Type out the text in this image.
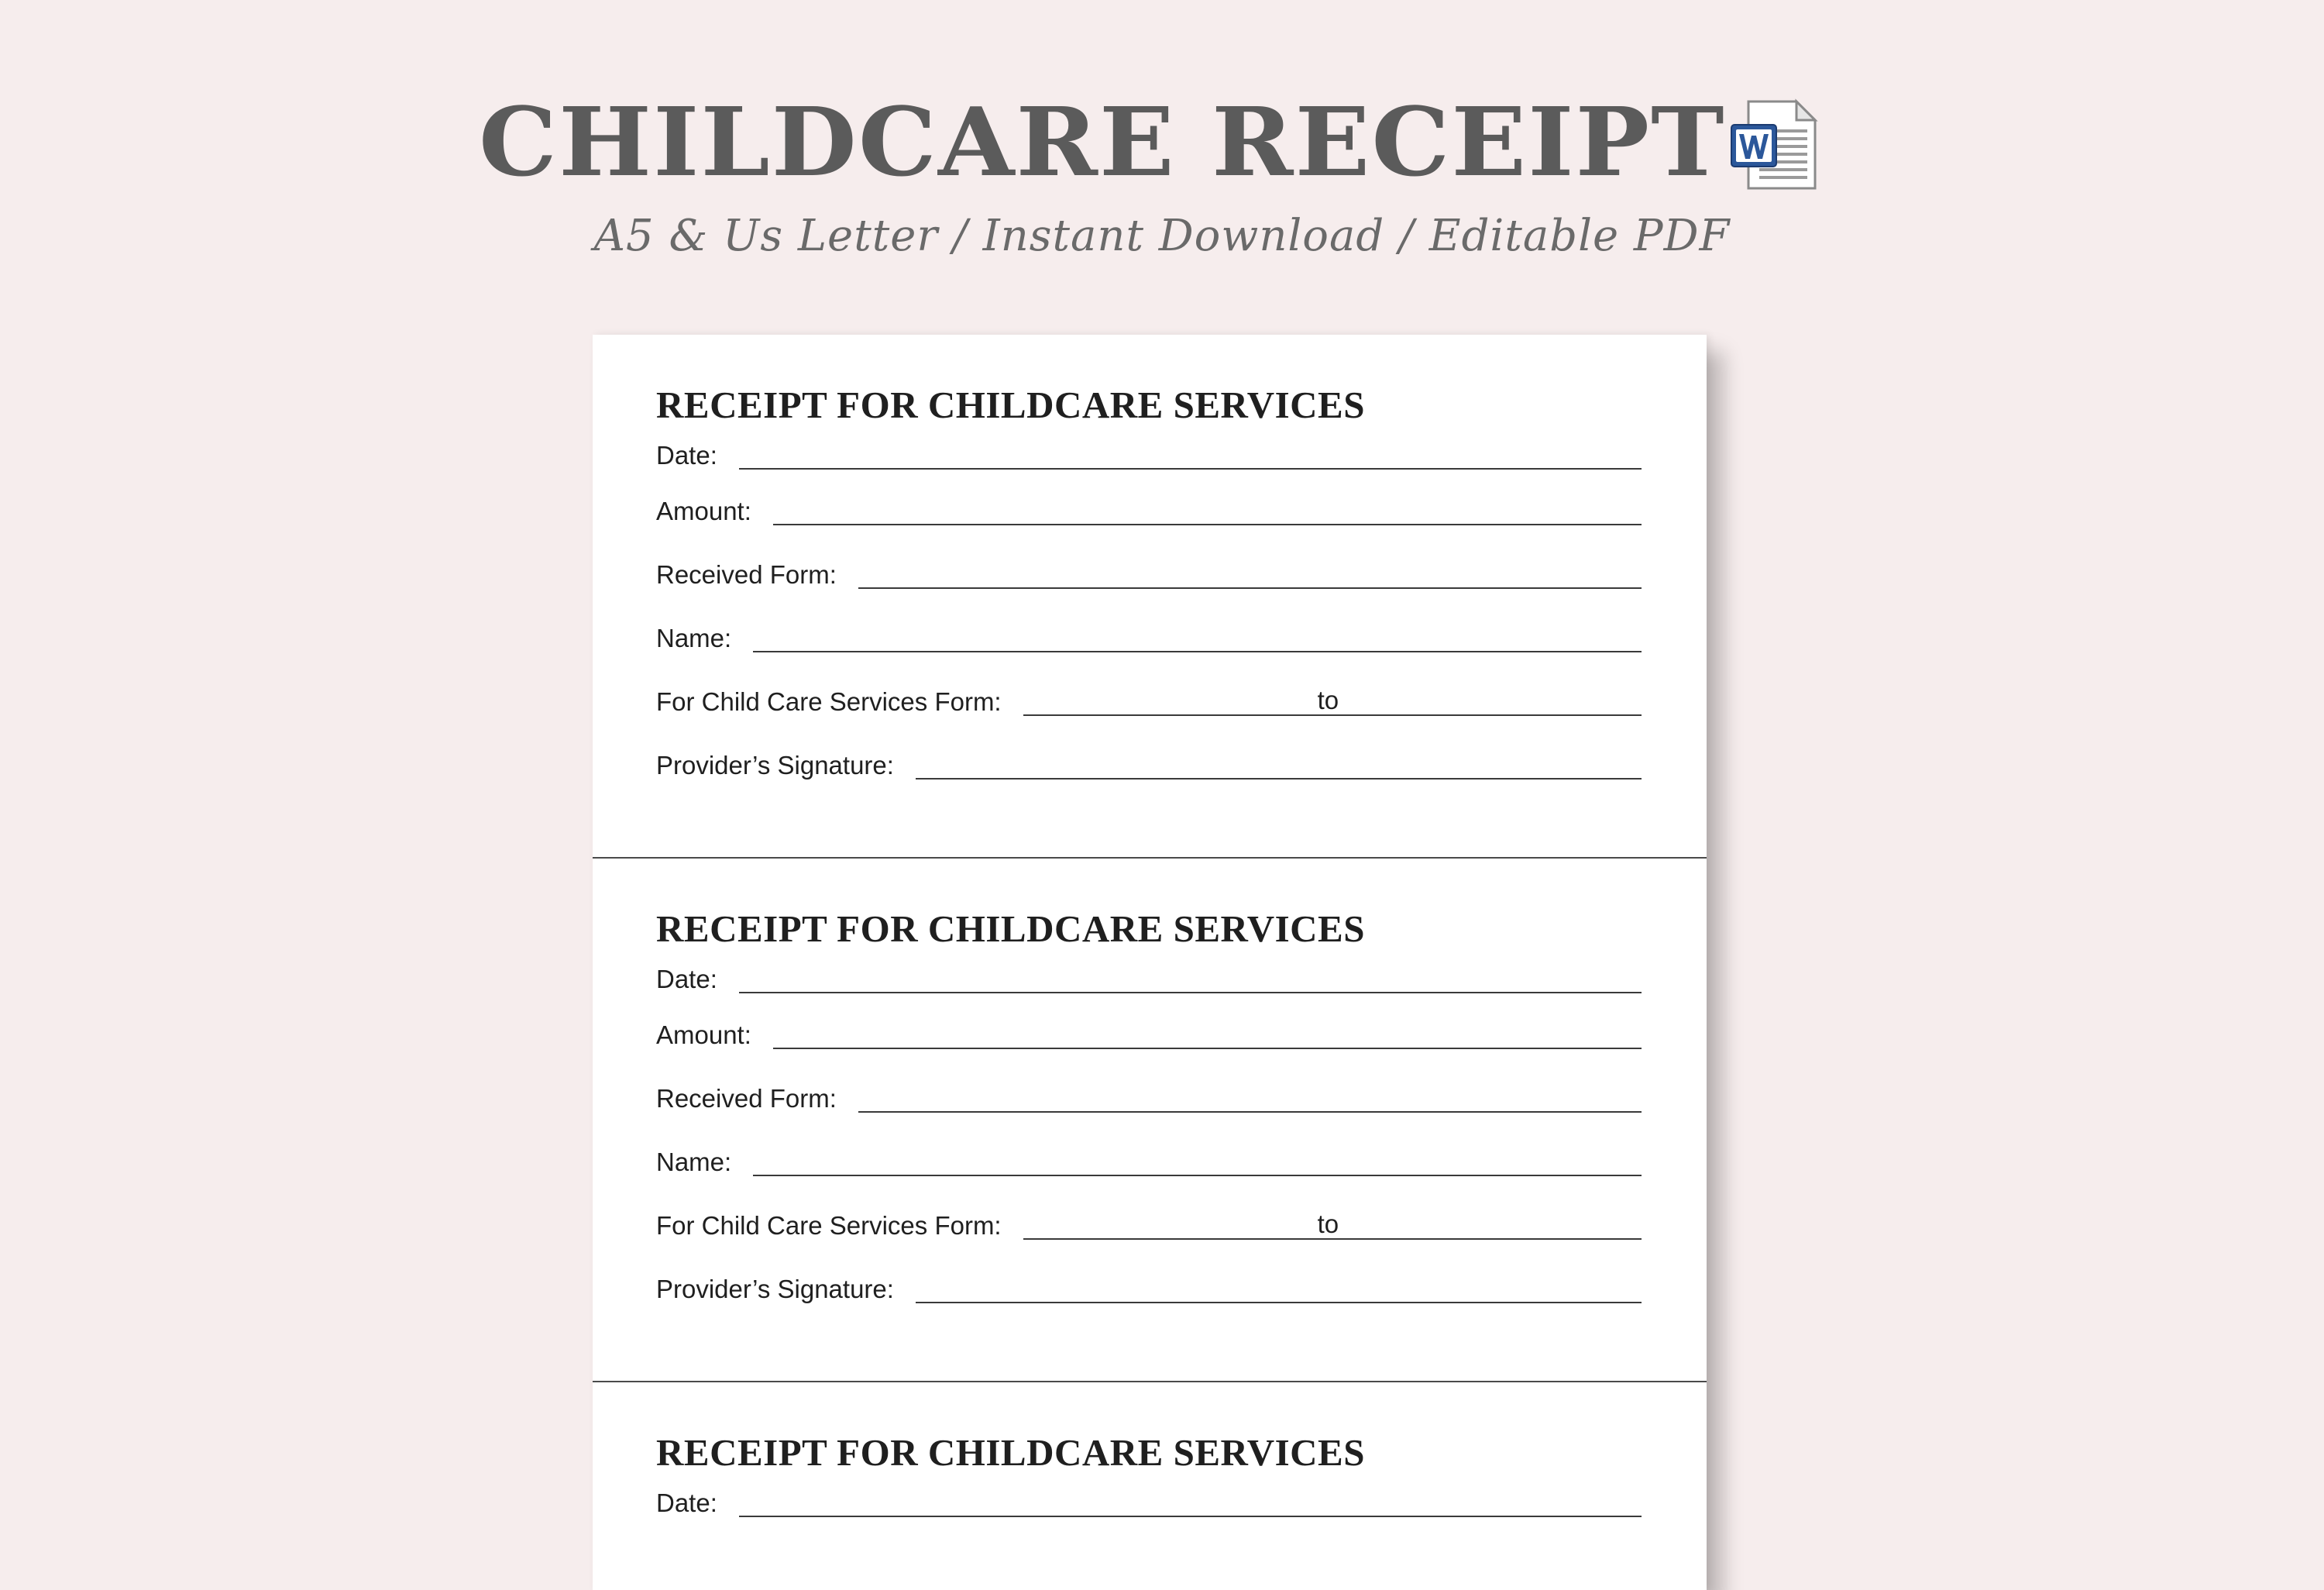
CHILDCARE RECEIPT
A5 & Us Letter / Instant Download / Editable PDF
RECEIPT FOR CHILDCARE SERVICES
Date:
Amount:
Received Form:
Name:
For Child Care Services Form:	to
Provider’s Signature:
RECEIPT FOR CHILDCARE SERVICES
Date:
Amount:
Received Form:
Name:
For Child Care Services Form:	to
Provider’s Signature:
RECEIPT FOR CHILDCARE SERVICES
Date:
